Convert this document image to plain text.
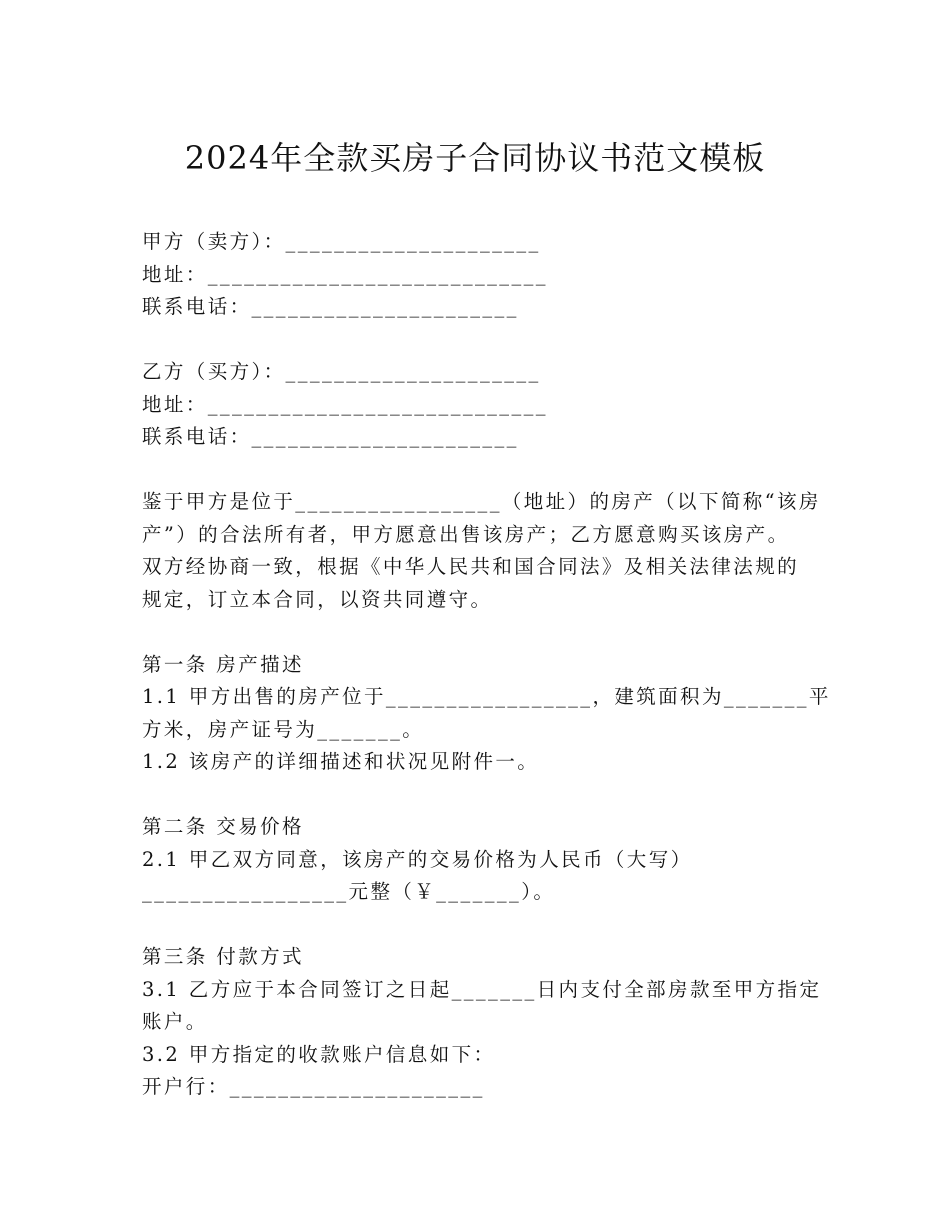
2024年全款买房子合同协议书范文模板
甲方（卖方）：_____________________
地址：____________________________
联系电话：______________________
乙方（买方）：_____________________
地址：____________________________
联系电话：______________________
鉴于甲方是位于_________________（地址）的房产（以下简称“该房
产”）的合法所有者，甲方愿意出售该房产；乙方愿意购买该房产。
双方经协商一致，根据《中华人民共和国合同法》及相关法律法规的
规定，订立本合同，以资共同遵守。
第一条 房产描述
1.1 甲方出售的房产位于_________________，建筑面积为_______平
方米，房产证号为_______。
1.2 该房产的详细描述和状况见附件一。
第二条 交易价格
2.1 甲乙双方同意，该房产的交易价格为人民币（大写）
_________________元整（￥_______）。
第三条 付款方式
3.1 乙方应于本合同签订之日起_______日内支付全部房款至甲方指定
账户。
3.2 甲方指定的收款账户信息如下：
开户行：_____________________
